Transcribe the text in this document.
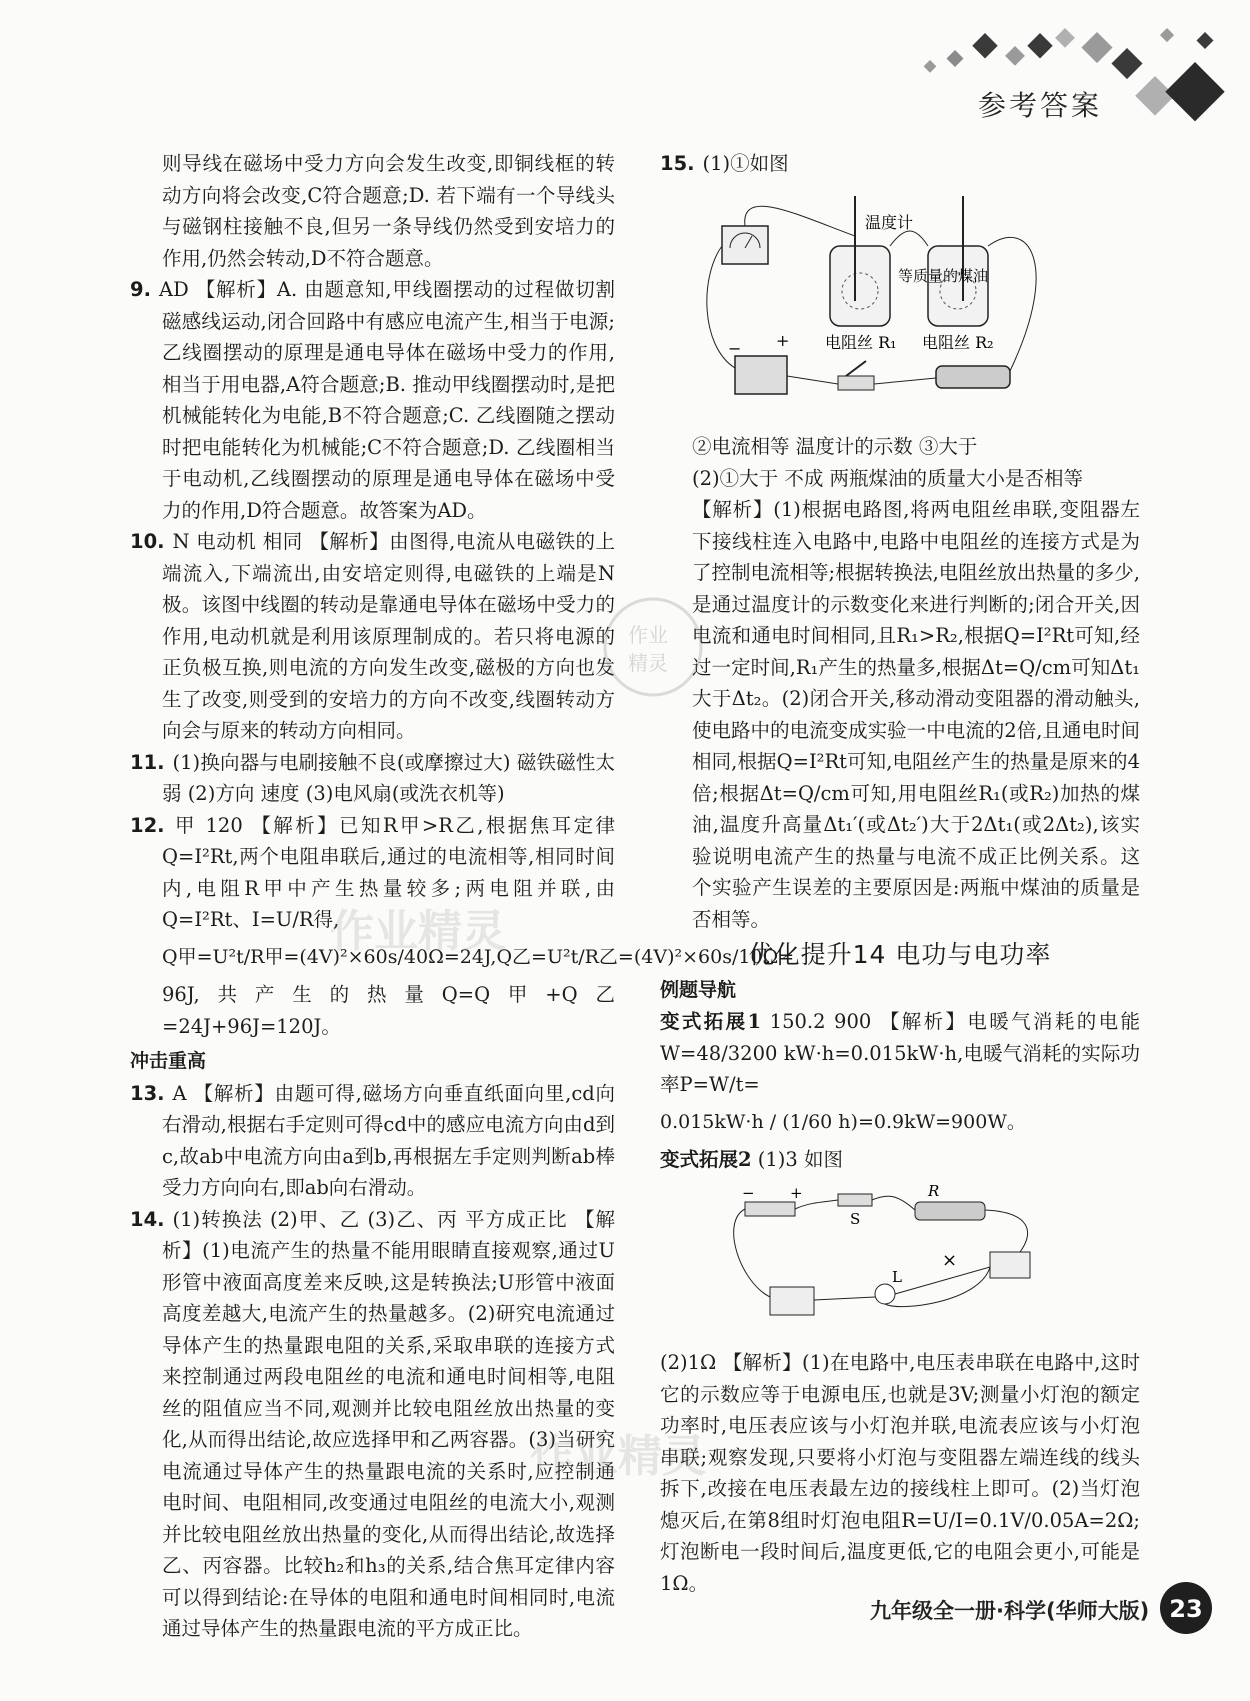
参考答案

则导线在磁场中受力方向会发生改变,即铜线框的转动方向将会改变,C符合题意;D. 若下端有一个导线头与磁钢柱接触不良,但另一条导线仍然受到安培力的作用,仍然会转动,D不符合题意。

9. AD 【解析】A. 由题意知,甲线圈摆动的过程做切割磁感线运动,闭合回路中有感应电流产生,相当于电源;乙线圈摆动的原理是通电导体在磁场中受力的作用,相当于用电器,A符合题意;B. 推动甲线圈摆动时,是把机械能转化为电能,B不符合题意;C. 乙线圈随之摆动时把电能转化为机械能;C不符合题意;D. 乙线圈相当于电动机,乙线圈摆动的原理是通电导体在磁场中受力的作用,D符合题意。故答案为AD。

10. N 电动机 相同 【解析】由图得,电流从电磁铁的上端流入,下端流出,由安培定则得,电磁铁的上端是N极。该图中线圈的转动是靠通电导体在磁场中受力的作用,电动机就是利用该原理制成的。若只将电源的正负极互换,则电流的方向发生改变,磁极的方向也发生了改变,则受到的安培力的方向不改变,线圈转动方向会与原来的转动方向相同。

11. (1)换向器与电刷接触不良(或摩擦过大) 磁铁磁性太弱 (2)方向 速度 (3)电风扇(或洗衣机等)

12. 甲 120 【解析】已知R甲>R乙,根据焦耳定律Q=I²Rt,两个电阻串联后,通过的电流相等,相同时间内,电阻R甲中产生热量较多;两电阻并联,由Q=I²Rt、I=U/R得,

Q甲=U²t/R甲=(4V)²×60s/40Ω=24J,Q乙=U²t/R乙=(4V)²×60s/10Ω=

96J,共产生的热量Q=Q甲+Q乙=24J+96J=120J。

冲击重高

13. A 【解析】由题可得,磁场方向垂直纸面向里,cd向右滑动,根据右手定则可得cd中的感应电流方向由d到c,故ab中电流方向由a到b,再根据左手定则判断ab棒受力方向向右,即ab向右滑动。

14. (1)转换法 (2)甲、乙 (3)乙、丙 平方成正比 【解析】(1)电流产生的热量不能用眼睛直接观察,通过U形管中液面高度差来反映,这是转换法;U形管中液面高度差越大,电流产生的热量越多。(2)研究电流通过导体产生的热量跟电阻的关系,采取串联的连接方式来控制通过两段电阻丝的电流和通电时间相等,电阻丝的阻值应当不同,观测并比较电阻丝放出热量的变化,从而得出结论,故应选择甲和乙两容器。(3)当研究电流通过导体产生的热量跟电流的关系时,应控制通电时间、电阻相同,改变通过电阻丝的电流大小,观测并比较电阻丝放出热量的变化,从而得出结论,故选择乙、丙容器。比较h₂和h₃的关系,结合焦耳定律内容可以得到结论:在导体的电阻和通电时间相同时,电流通过导体产生的热量跟电流的平方成正比。

15. (1)①如图

温度计
等质量的煤油
电阻丝 R₁ 电阻丝 R₂
− +

②电流相等 温度计的示数 ③大于

(2)①大于 不成 两瓶煤油的质量大小是否相等

【解析】(1)根据电路图,将两电阻丝串联,变阻器左下接线柱连入电路中,电路中电阻丝的连接方式是为了控制电流相等;根据转换法,电阻丝放出热量的多少,是通过温度计的示数变化来进行判断的;闭合开关,因电流和通电时间相同,且R₁>R₂,根据Q=I²Rt可知,经过一定时间,R₁产生的热量多,根据Δt=Q/cm可知Δt₁大于Δt₂。(2)闭合开关,移动滑动变阻器的滑动触头,使电路中的电流变成实验一中电流的2倍,且通电时间相同,根据Q=I²Rt可知,电阻丝产生的热量是原来的4倍;根据Δt=Q/cm可知,用电阻丝R₁(或R₂)加热的煤油,温度升高量Δt₁′(或Δt₂′)大于2Δt₁(或2Δt₂),该实验说明电流产生的热量与电流不成正比例关系。这个实验产生误差的主要原因是:两瓶中煤油的质量是否相等。

优化提升14 电功与电功率
例题导航

变式拓展1 150.2 900 【解析】电暖气消耗的电能W=48/3200 kW·h=0.015kW·h,电暖气消耗的实际功率P=W/t=

0.015kW·h / (1/60 h)=0.9kW=900W。

变式拓展2 (1)3 如图

− +
S
R
L
×

(2)1Ω 【解析】(1)在电路中,电压表串联在电路中,这时它的示数应等于电源电压,也就是3V;测量小灯泡的额定功率时,电压表应该与小灯泡并联,电流表应该与小灯泡串联;观察发现,只要将小灯泡与变阻器左端连线的线头拆下,改接在电压表最左边的接线柱上即可。(2)当灯泡熄灭后,在第8组时灯泡电阻R=U/I=0.1V/0.05A=2Ω;灯泡断电一段时间后,温度更低,它的电阻会更小,可能是1Ω。

作业精灵
作业精灵
作业
精灵
九年级全一册·科学(华师大版) 23
